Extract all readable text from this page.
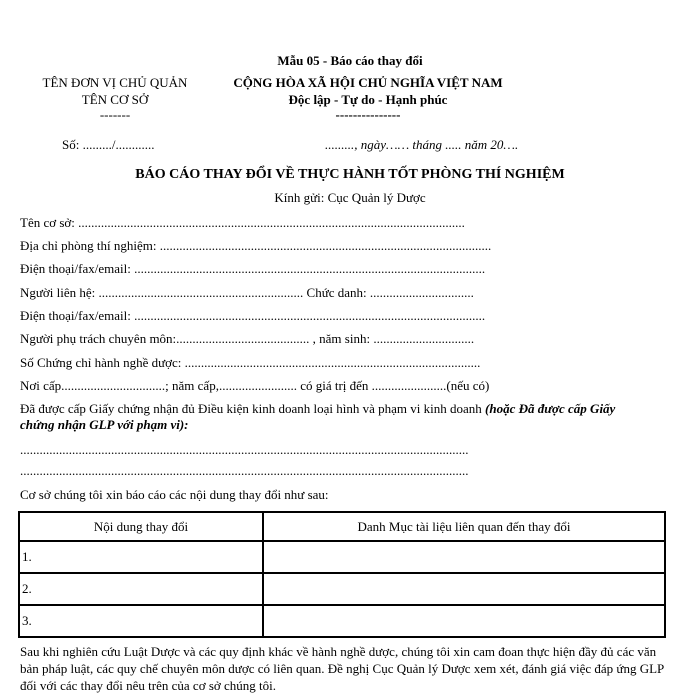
Mẫu 05 - Báo cáo thay đổi
TÊN ĐƠN VỊ CHỦ QUẢN
TÊN CƠ SỞ
-------
CỘNG HÒA XÃ HỘI CHỦ NGHĨA VIỆT NAM
Độc lập - Tự do - Hạnh phúc
---------------
Số: ........./............	........., ngày…… tháng ..... năm 20….
BÁO CÁO THAY ĐỔI VỀ THỰC HÀNH TỐT PHÒNG THÍ NGHIỆM
Kính gửi: Cục Quản lý Dược
Tên cơ sở: .......................................................................................................................
Địa chỉ phòng thí nghiệm: ......................................................................................................
Điện thoại/fax/email: ............................................................................................................
Người liên hệ: ............................................................... Chức danh: ................................
Điện thoại/fax/email: ............................................................................................................
Người phụ trách chuyên môn:......................................... , năm sinh: ...............................
Số Chứng chỉ hành nghề dược: ...........................................................................................
Nơi cấp................................; năm cấp,........................ có giá trị đến .......................(nếu có)
Đã được cấp Giấy chứng nhận đủ Điều kiện kinh doanh loại hình và phạm vi kinh doanh (hoặc Đã được cấp Giấy
chứng nhận GLP với phạm vi):
..........................................................................................................................................
..........................................................................................................................................
Cơ sở chúng tôi xin báo cáo các nội dung thay đổi như sau:
Nội dung thay đổi	Danh Mục tài liệu liên quan đến thay đổi
1.	
2.	
3.	
Sau khi nghiên cứu Luật Dược và các quy định khác về hành nghề dược, chúng tôi xin cam đoan thực hiện đầy đủ các văn bản pháp luật, các quy chế chuyên môn dược có liên quan. Đề nghị Cục Quản lý Dược xem xét, đánh giá việc đáp ứng GLP đối với các thay đổi nêu trên của cơ sở chúng tôi.
